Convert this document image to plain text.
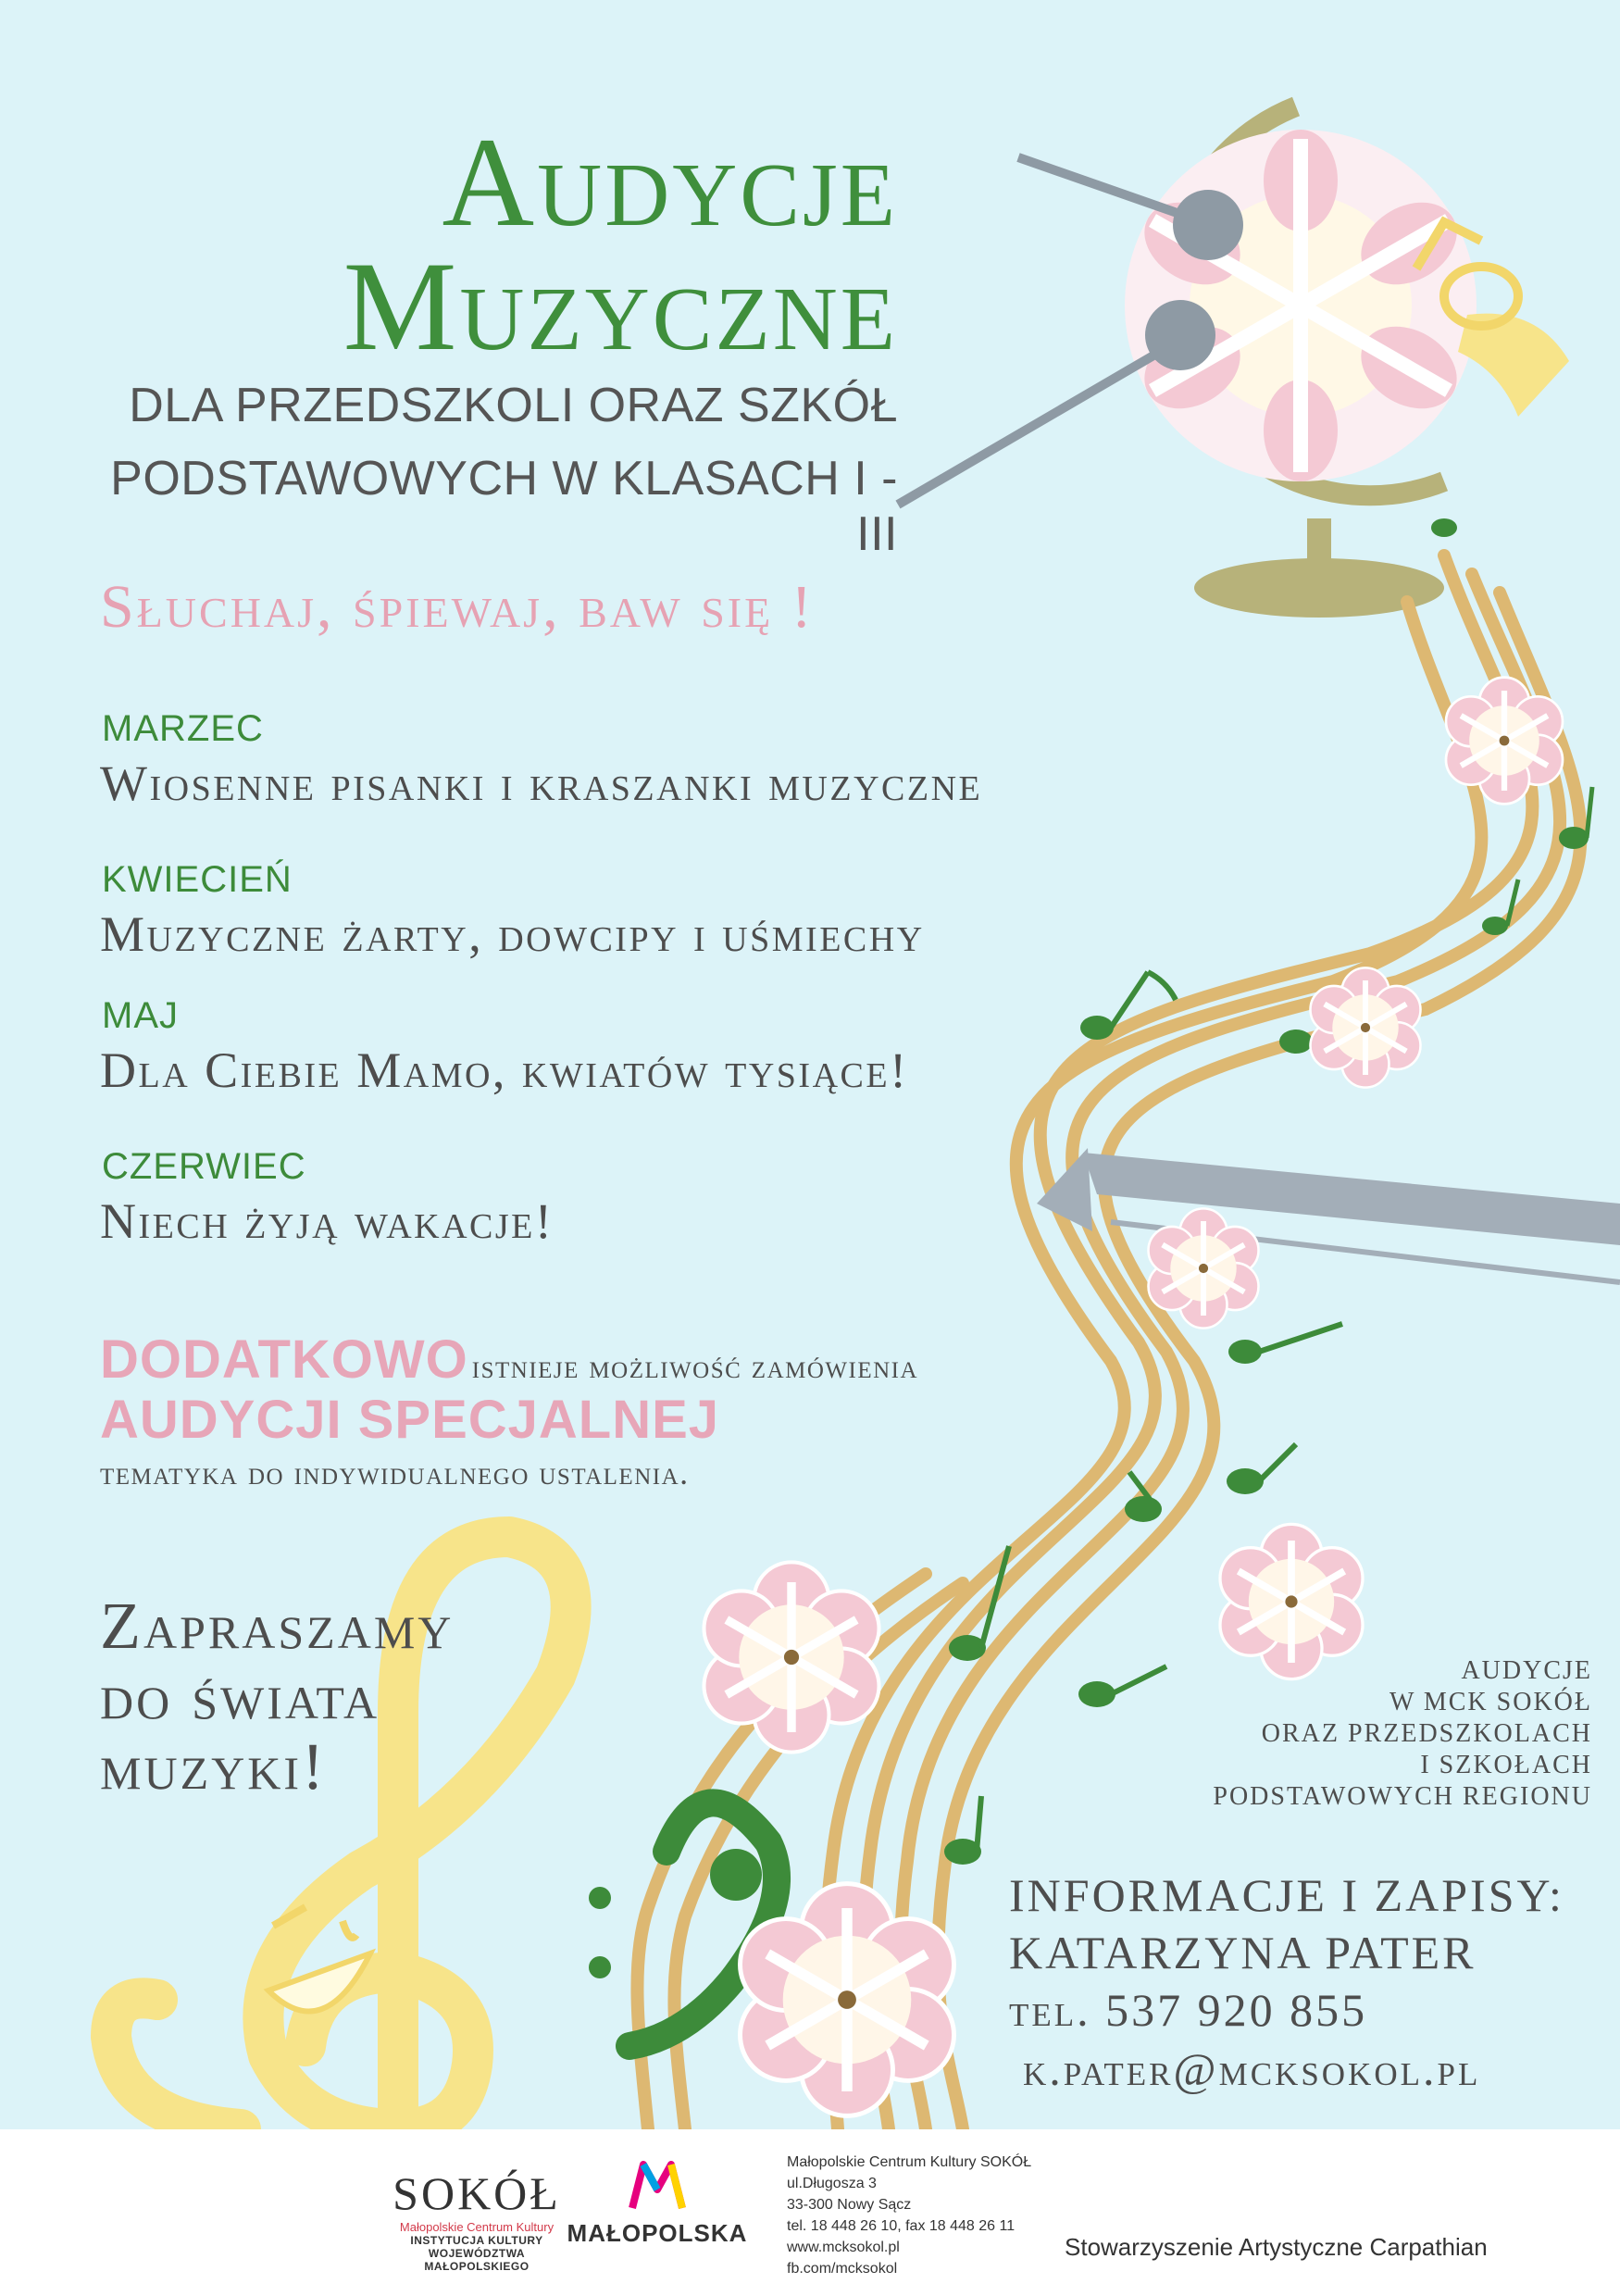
Audycje
Muzyczne
DLA PRZEDSZKOLI ORAZ SZKÓŁ
PODSTAWOWYCH W KLASACH I - III
Słuchaj, śpiewaj, baw się !
MARZEC
Wiosenne pisanki i kraszanki muzyczne
KWIECIEŃ
Muzyczne żarty, dowcipy i uśmiechy
MAJ
Dla Ciebie Mamo, kwiatów tysiące!
CZERWIEC
Niech żyją wakacje!
DODATKOWO istnieje możliwość zamówienia
AUDYCJI SPECJALNEJ
tematyka do indywidualnego ustalenia.
Zapraszamy
do świata
muzyki!
AUDYCJE
W MCK SOKÓŁ
ORAZ PRZEDSZKOLACH
I SZKOŁACH
PODSTAWOWYCH REGIONU
INFORMACJE I ZAPISY:
KATARZYNA PATER
tel. 537 920 855
k.pater@mcksokol.pl
SOKÓŁ
Małopolskie Centrum Kultury
INSTYTUCJA KULTURY
WOJEWÓDZTWA MAŁOPOLSKIEGO
MAŁOPOLSKA
Małopolskie Centrum Kultury SOKÓŁ
ul.Długosza 3
33-300 Nowy Sącz
tel. 18 448 26 10, fax 18 448 26 11
www.mcksokol.pl
fb.com/mcksokol
Stowarzyszenie Artystyczne Carpathian
